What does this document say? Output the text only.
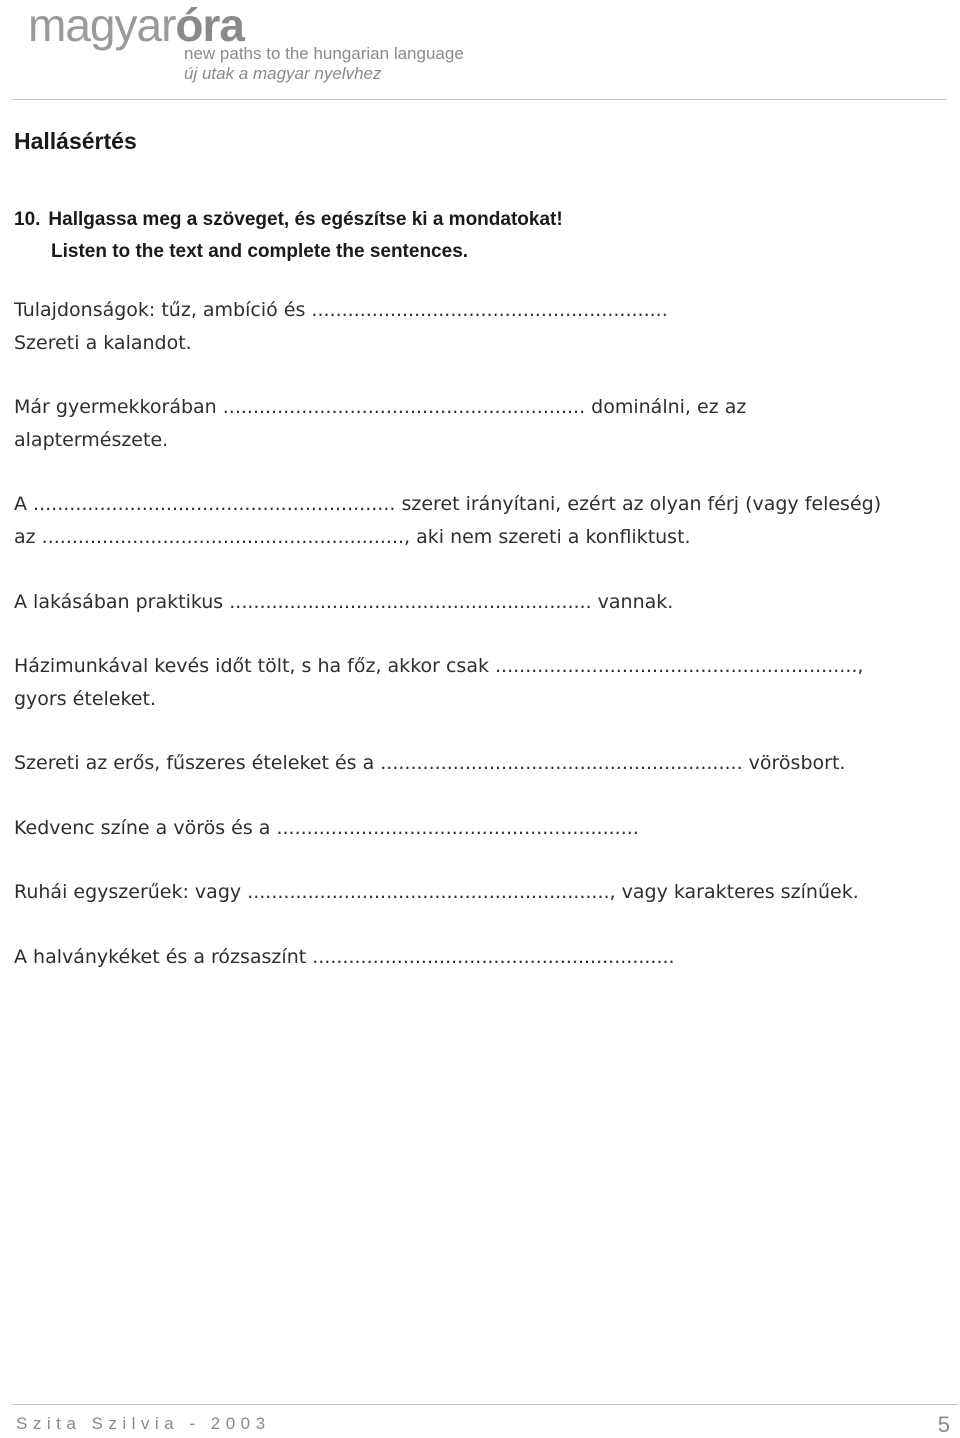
magyaróra
new paths to the hungarian language
új utak a magyar nyelvhez
Hallásértés
10. Hallgassa meg a szöveget, és egészítse ki a mondatokat!
Listen to the text and complete the sentences.

Tulajdonságok: tűz, ambíció és ...........................................................

Szereti a kalandot.

Már gyermekkorában ............................................................ dominálni, ez az

alaptermészete.

A ............................................................ szeret irányítani, ezért az olyan férj (vagy feleség)

az ............................................................, aki nem szereti a konfliktust.

A lakásában praktikus ............................................................ vannak.

Házimunkával kevés időt tölt, s ha főz, akkor csak ............................................................,

gyors ételeket.

Szereti az erős, fűszeres ételeket és a ............................................................ vörösbort.

Kedvenc színe a vörös és a ............................................................

Ruhái egyszerűek: vagy ............................................................, vagy karakteres színűek.

A halványkéket és a rózsaszínt ............................................................

Szita Szilvia - 2003	5
